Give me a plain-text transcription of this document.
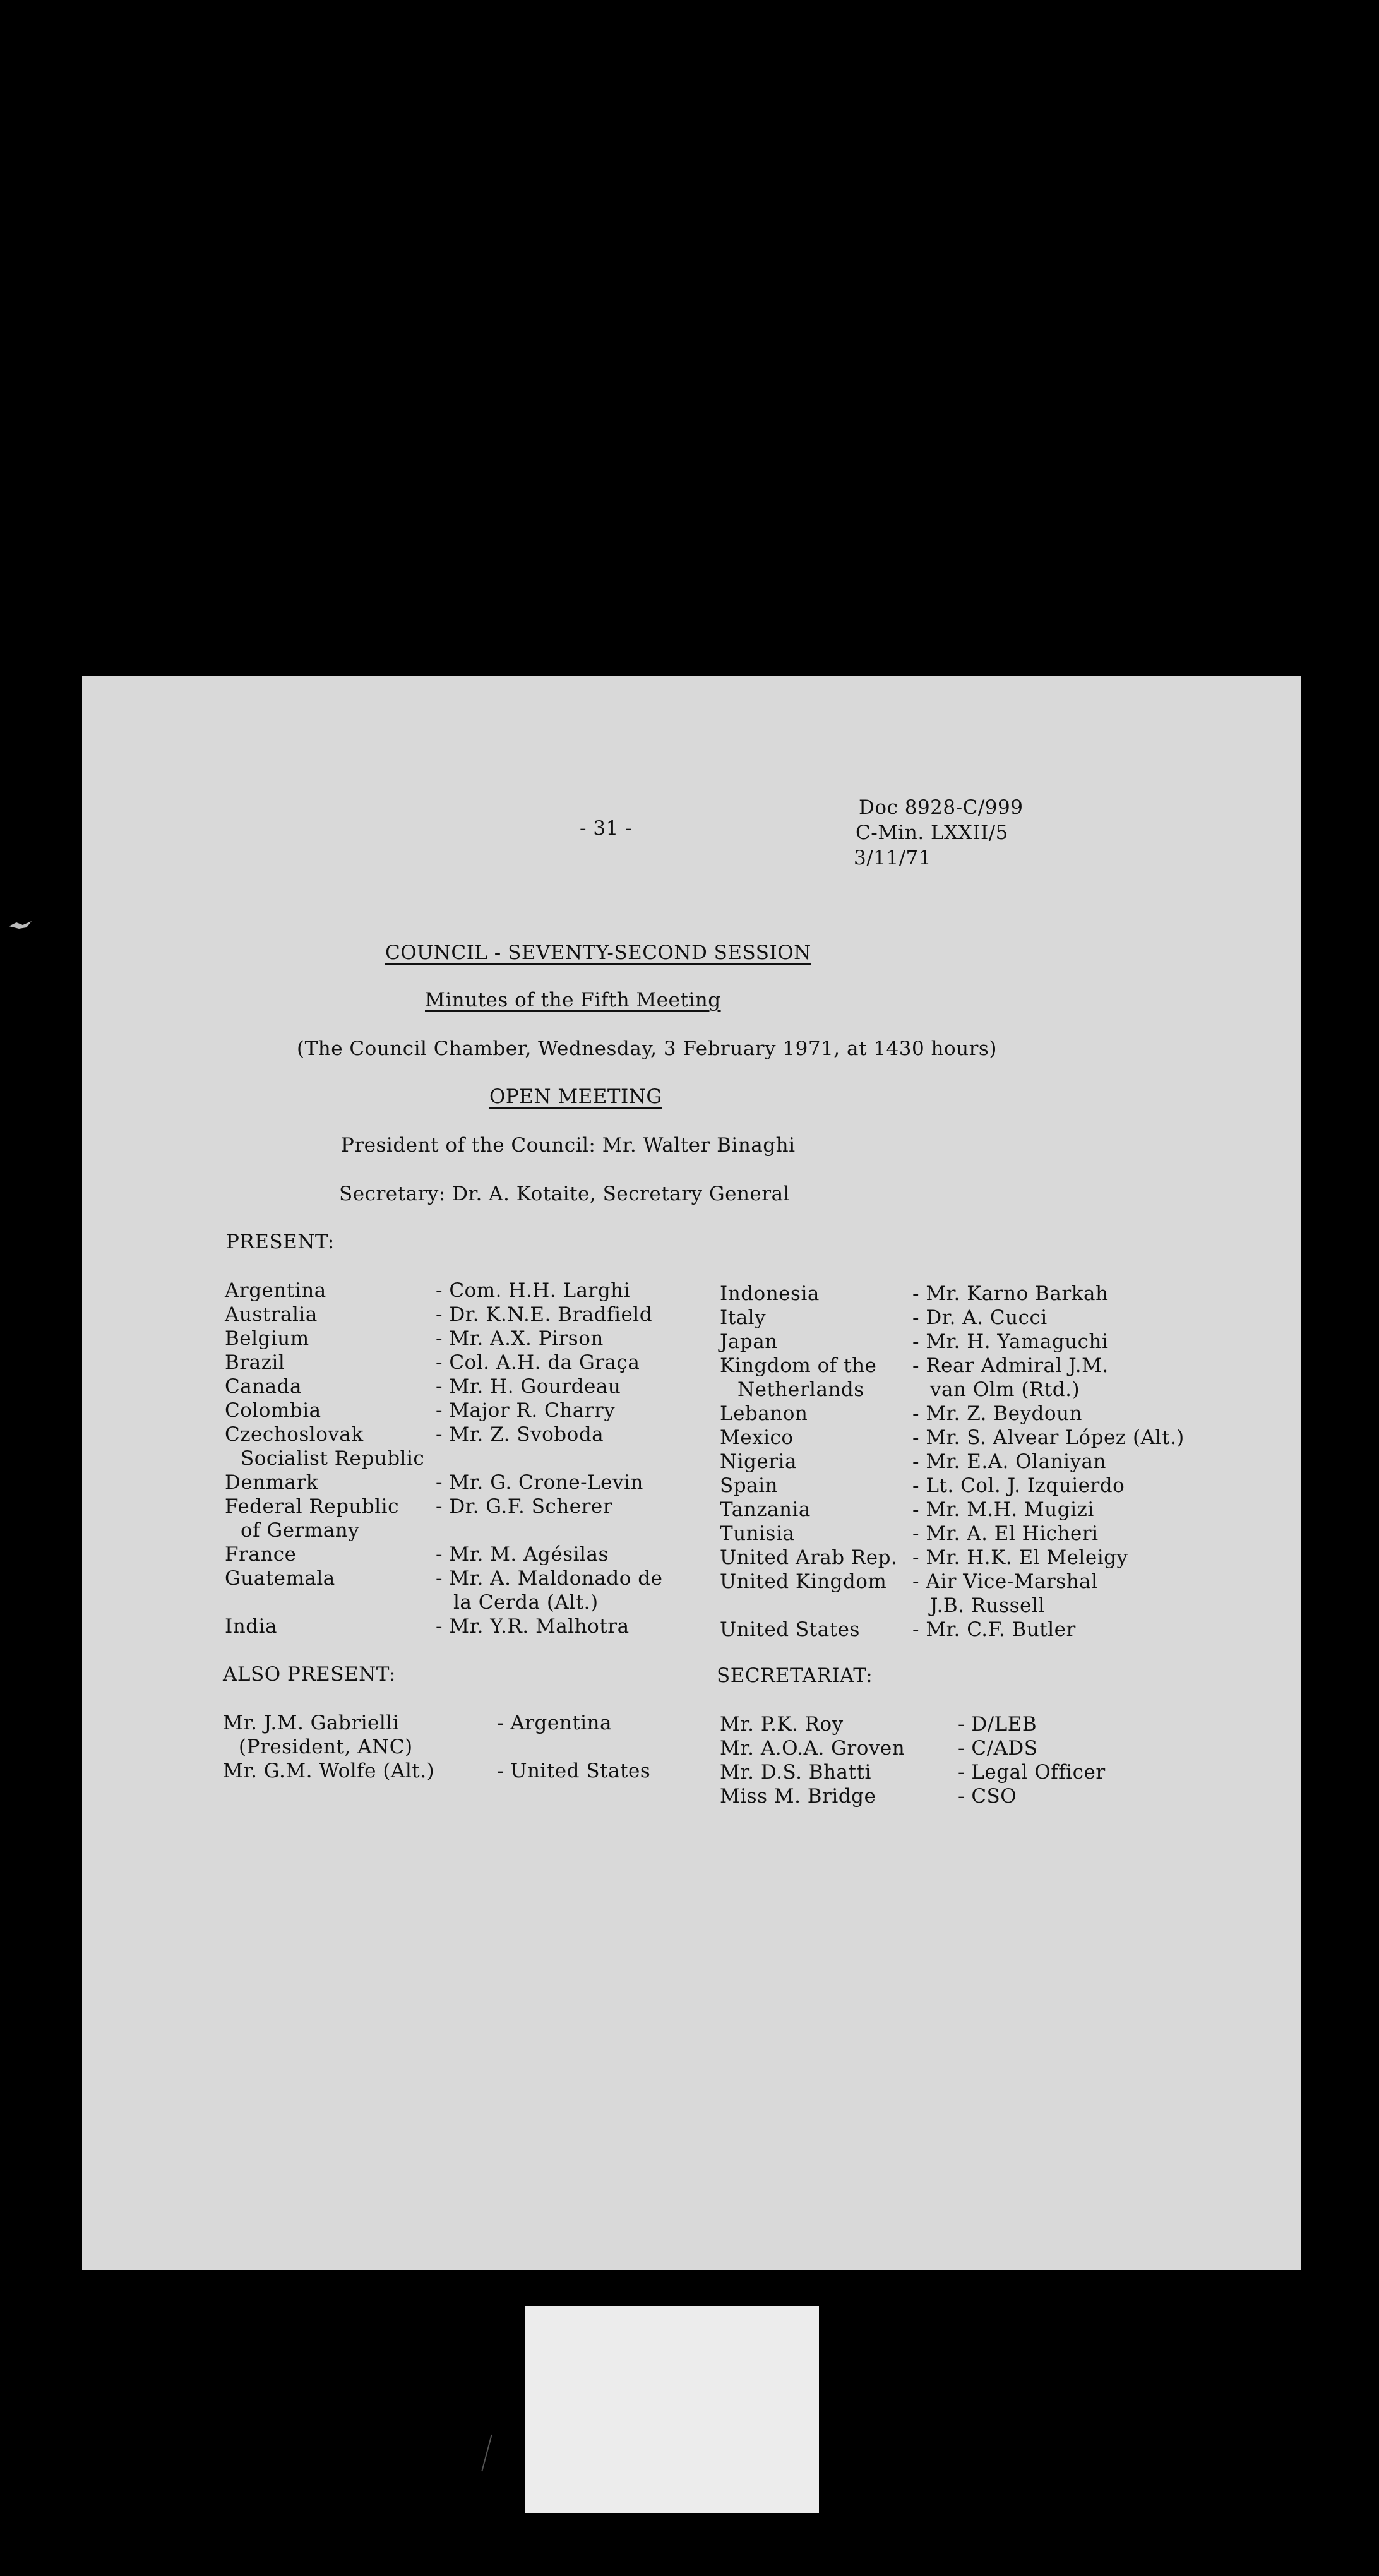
- 31 -
Doc 8928-C/999
C-Min. LXXII/5
3/11/71
COUNCIL - SEVENTY-SECOND SESSION
Minutes of the Fifth Meeting
(The Council Chamber, Wednesday, 3 February 1971, at 1430 hours)
OPEN MEETING
President of the Council: Mr. Walter Binaghi
Secretary: Dr. A. Kotaite, Secretary General
PRESENT:
Argentina
Australia
Belgium
Brazil
Canada
Colombia
Czechoslovak
Socialist Republic
Denmark
Federal Republic
of Germany
France
Guatemala
India
- Com. H.H. Larghi
- Dr. K.N.E. Bradfield
- Mr. A.X. Pirson
- Col. A.H. da Graça
- Mr. H. Gourdeau
- Major R. Charry
- Mr. Z. Svoboda
- Mr. G. Crone-Levin
- Dr. G.F. Scherer
- Mr. M. Agésilas
- Mr. A. Maldonado de
la Cerda (Alt.)
- Mr. Y.R. Malhotra
Indonesia
Italy
Japan
Kingdom of the
Netherlands
Lebanon
Mexico
Nigeria
Spain
Tanzania
Tunisia
United Arab Rep.
United Kingdom
United States
- Mr. Karno Barkah
- Dr. A. Cucci
- Mr. H. Yamaguchi
- Rear Admiral J.M.
van Olm (Rtd.)
- Mr. Z. Beydoun
- Mr. S. Alvear López (Alt.)
- Mr. E.A. Olaniyan
- Lt. Col. J. Izquierdo
- Mr. M.H. Mugizi
- Mr. A. El Hicheri
- Mr. H.K. El Meleigy
- Air Vice-Marshal
J.B. Russell
- Mr. C.F. Butler
ALSO PRESENT:
Mr. J.M. Gabrielli
(President, ANC)
Mr. G.M. Wolfe (Alt.)
- Argentina
- United States
SECRETARIAT:
Mr. P.K. Roy
Mr. A.O.A. Groven
Mr. D.S. Bhatti
Miss M. Bridge
- D/LEB
- C/ADS
- Legal Officer
- CSO
